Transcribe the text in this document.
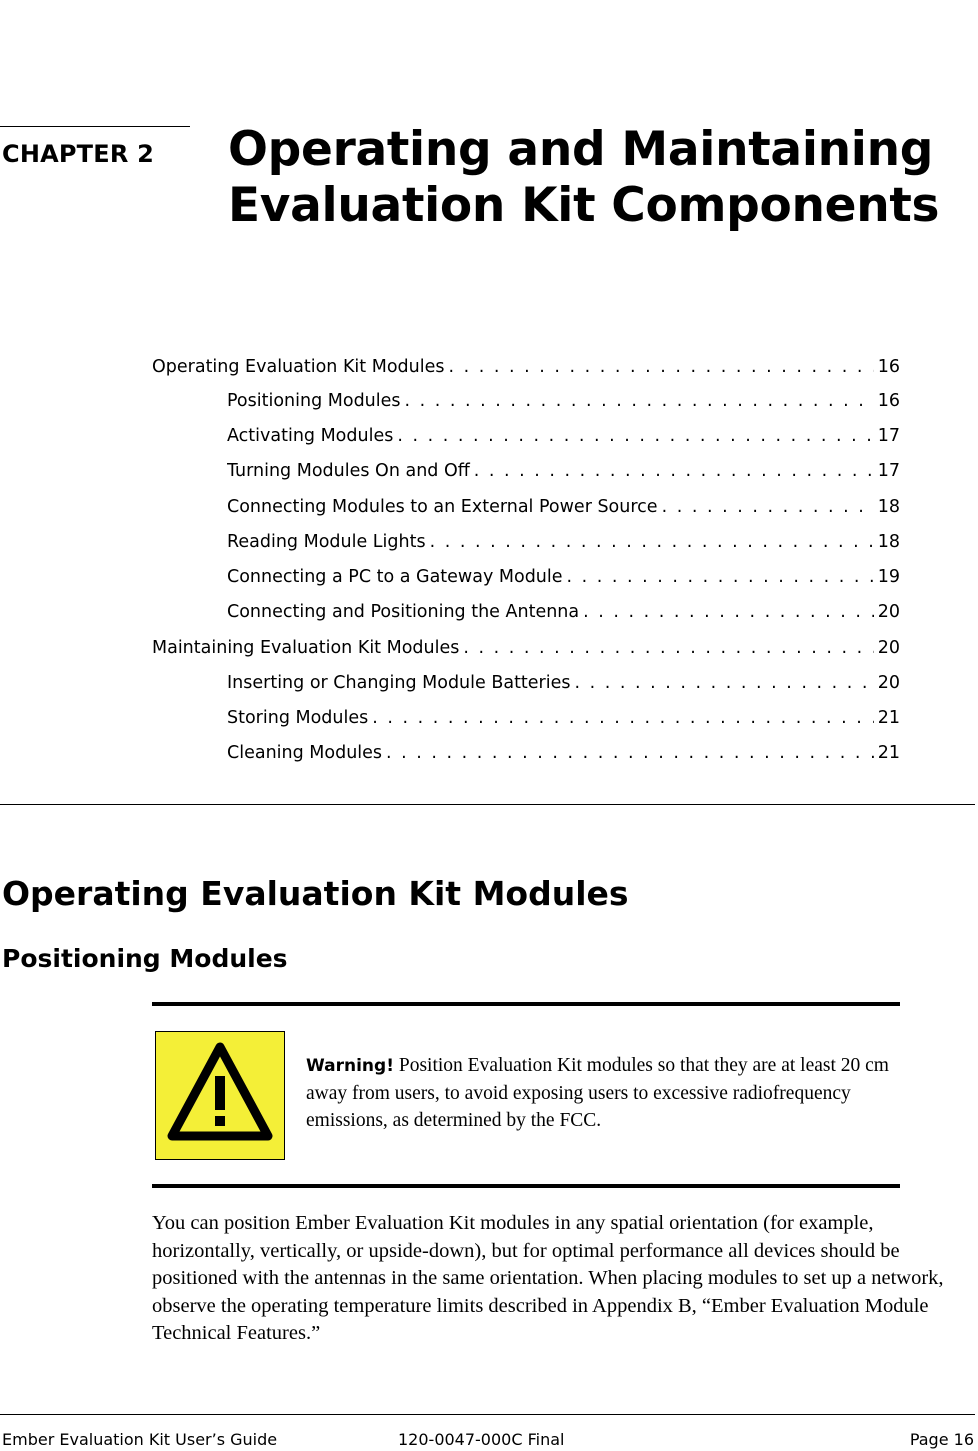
CHAPTER 2 Operating and Maintaining
Evaluation Kit Components
Operating Evaluation Kit Modules . . .	16
Positioning Modules . . .	16
Activating Modules . . .	17
Turning Modules On and Off . . .	17
Connecting Modules to an External Power Source . . .	18
Reading Module Lights . . .	18
Connecting a PC to a Gateway Module . . .	19
Connecting and Positioning the Antenna . . .	20
Maintaining Evaluation Kit Modules . . .	20
Inserting or Changing Module Batteries . . .	20
Storing Modules . . .	21
Cleaning Modules . . .	21
Operating Evaluation Kit Modules
Positioning Modules
Warning! Position Evaluation Kit modules so that they are at least 20 cm away from users, to avoid exposing users to excessive radiofrequency emissions, as determined by the FCC.
You can position Ember Evaluation Kit modules in any spatial orientation (for example, horizontally, vertically, or upside-down), but for optimal performance all devices should be positioned with the antennas in the same orientation. When placing modules to set up a network, observe the operating temperature limits described in Appendix B, “Ember Evaluation Module Technical Features.”
Ember Evaluation Kit User’s Guide	120-0047-000C Final	Page 16
